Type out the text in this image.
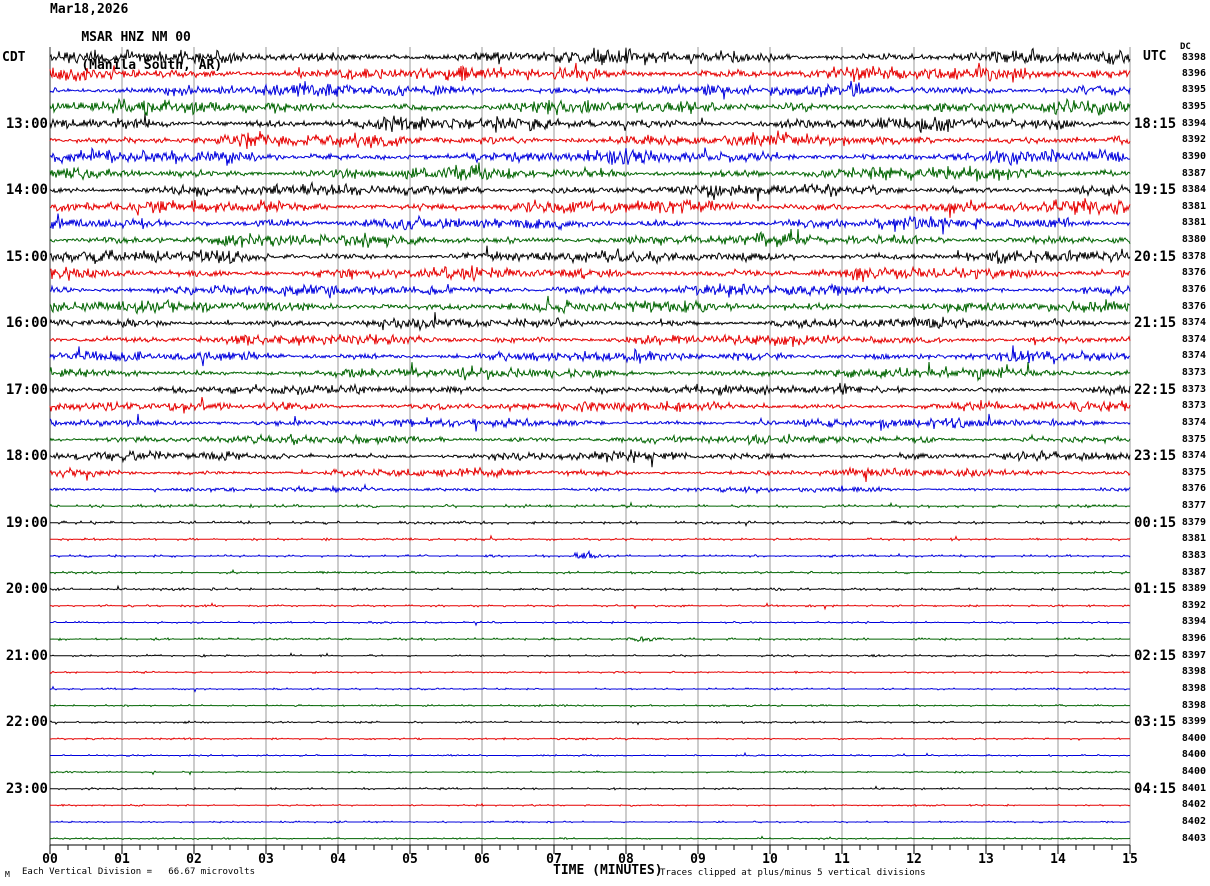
Mar18,2026

MSAR HNZ NM 00

(Manila South, AR)
CDT	UTC
DC
13:00
14:00
15:00
16:00
17:00
18:00
19:00
20:00
21:00
22:00
23:00
18:15
19:15
20:15
21:15
22:15
23:15
00:15
01:15
02:15
03:15
04:15
8398
8396
8395
8395
8394
8392
8390
8387
8384
8381
8381
8380
8378
8376
8376
8376
8374
8374
8374
8373
8373
8373
8374
8375
8374
8375
8376
8377
8379
8381
8383
8387
8389
8392
8394
8396
8397
8398
8398
8398
8399
8400
8400
8400
8401
8402
8402
8403
00	01	02	03	04	05	06	07	08	09	10	11	12	13	14	15
M Each Vertical Division =   66.67 microvolts	TIME (MINUTES)
Traces clipped at plus/minus 5 vertical divisions
